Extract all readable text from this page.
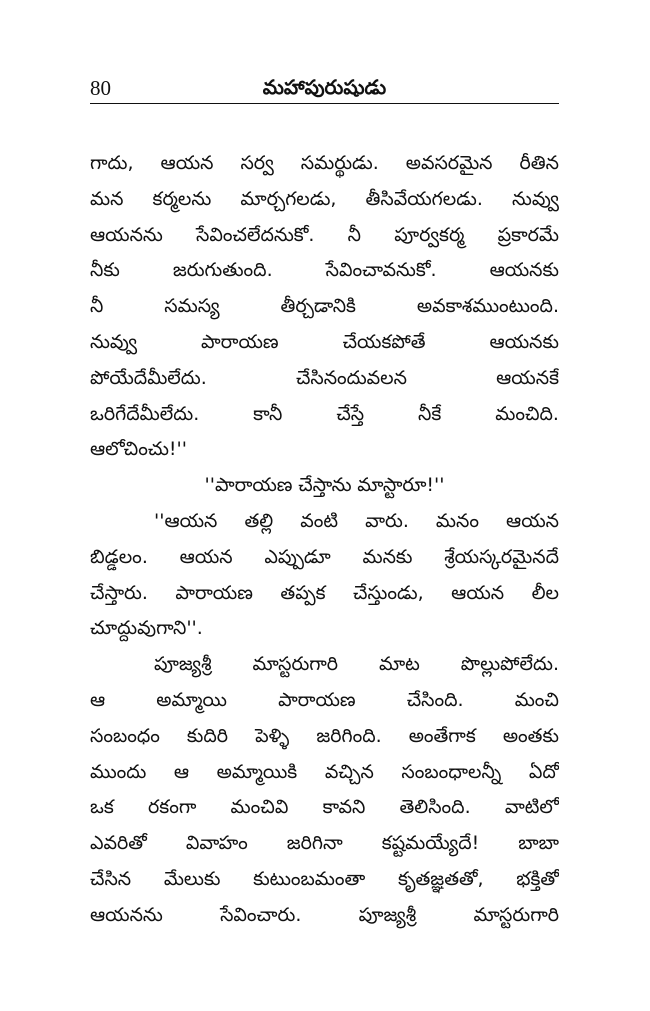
80	మహాపురుషుడు
గాదు, ఆయన సర్వ సమర్థుడు. అవసరమైన రీతిన
మన కర్మలను మార్చగలడు, తీసివేయగలడు. నువ్వు
ఆయనను సేవించలేదనుకో. నీ పూర్వకర్మ ప్రకారమే
నీకు	జరుగుతుంది.	సేవించావనుకో.	ఆయనకు
నీ	సమస్య	తీర్చడానికి	అవకాశముంటుంది.
నువ్వు	పారాయణ	చేయకపోతే	ఆయనకు
పోయేదేమీలేదు.	చేసినందువలన	ఆయనకే
ఒరిగేదేమీలేదు.	కానీ	చేస్తే	నీకే	మంచిది.
ఆలోచించు!''
''పారాయణ చేస్తాను మాస్టారూ!''
''ఆయన తల్లి వంటి వారు. మనం ఆయన
బిడ్డలం. ఆయన ఎప్పుడూ మనకు శ్రేయస్కరమైనదే
చేస్తారు. పారాయణ తప్పక చేస్తుండు, ఆయన లీల
చూద్దువుగాని''.
పూజ్యశ్రీ మాస్టరుగారి మాట పొల్లుపోలేదు.
ఆ	అమ్మాయి	పారాయణ	చేసింది.	మంచి
సంబంధం కుదిరి పెళ్ళి జరిగింది. అంతేగాక అంతకు
ముందు ఆ అమ్మాయికి వచ్చిన సంబంధాలన్నీ ఏదో
ఒక రకంగా మంచివి కావని తెలిసింది. వాటిలో
ఎవరితో వివాహం జరిగినా కష్టమయ్యేదే! బాబా
చేసిన మేలుకు కుటుంబమంతా కృతజ్ఞతతో, భక్తితో
ఆయనను	సేవించారు.	పూజ్యశ్రీ	మాస్టరుగారి
